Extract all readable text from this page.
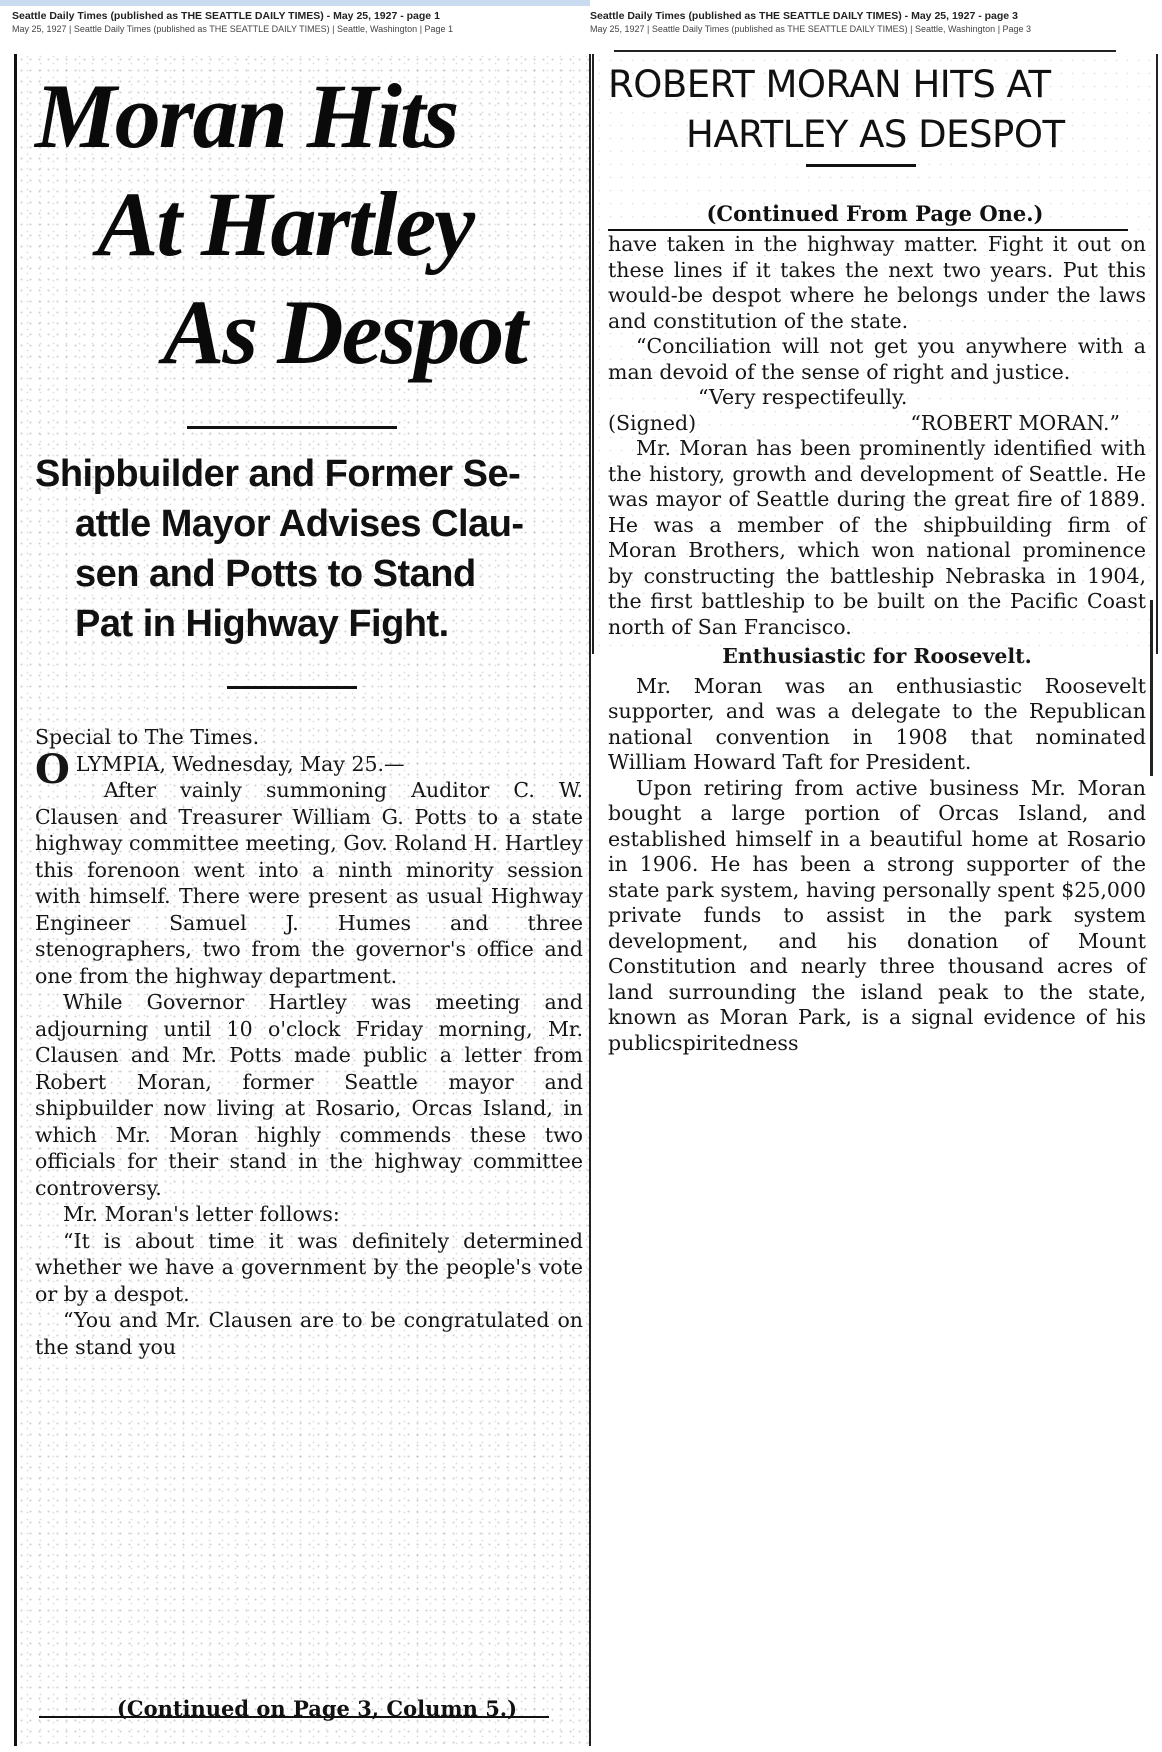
Seattle Daily Times (published as THE SEATTLE DAILY TIMES) - May 25, 1927 - page 1
May 25, 1927 | Seattle Daily Times (published as THE SEATTLE DAILY TIMES) | Seattle, Washington | Page 1
Seattle Daily Times (published as THE SEATTLE DAILY TIMES) - May 25, 1927 - page 3
May 25, 1927 | Seattle Daily Times (published as THE SEATTLE DAILY TIMES) | Seattle, Washington | Page 3
Moran Hits
At Hartley
As Despot
Shipbuilder and Former Se-
attle Mayor Advises Clau-
sen and Potts to Stand
Pat in Highway Fight.

Special to The Times.

OLYMPIA, Wednesday, May 25.—

After vainly summoning Auditor C. W. Clausen and Treasurer William G. Potts to a state highway committee meeting, Gov. Roland H. Hartley this forenoon went into a ninth minority session with himself. There were present as usual Highway Engineer Samuel J. Humes and three stenographers, two from the governor's office and one from the highway department.

While Governor Hartley was meeting and adjourning until 10 o'clock Friday morning, Mr. Clausen and Mr. Potts made public a letter from Robert Moran, former Seattle mayor and shipbuilder now living at Rosario, Orcas Island, in which Mr. Moran highly commends these two officials for their stand in the highway committee controversy.

Mr. Moran's letter follows:

“It is about time it was definitely determined whether we have a government by the people's vote or by a despot.

“You and Mr. Clausen are to be congratulated on the stand you

(Continued on Page 3, Column 5.)
ROBERT MORAN HITS AT
HARTLEY AS DESPOT
(Continued From Page One.)

have taken in the highway matter. Fight it out on these lines if it takes the next two years. Put this would-be despot where he belongs under the laws and constitution of the state.

“Conciliation will not get you anywhere with a man devoid of the sense of right and justice.

“Very respectifeully.

(Signed)	“ROBERT MORAN.”

Mr. Moran has been prominently identified with the history, growth and development of Seattle. He was mayor of Seattle during the great fire of 1889. He was a member of the shipbuilding firm of Moran Brothers, which won national prominence by constructing the battleship Nebraska in 1904, the first battleship to be built on the Pacific Coast north of San Francisco.

Enthusiastic for Roosevelt.

Mr. Moran was an enthusiastic Roosevelt supporter, and was a delegate to the Republican national convention in 1908 that nominated William Howard Taft for President.

Upon retiring from active business Mr. Moran bought a large portion of Orcas Island, and established himself in a beautiful home at Rosario in 1906. He has been a strong supporter of the state park system, having personally spent $25,000 private funds to assist in the park system development, and his donation of Mount Constitution and nearly three thousand acres of land surrounding the island peak to the state, known as Moran Park, is a signal evidence of his publicspiritedness
